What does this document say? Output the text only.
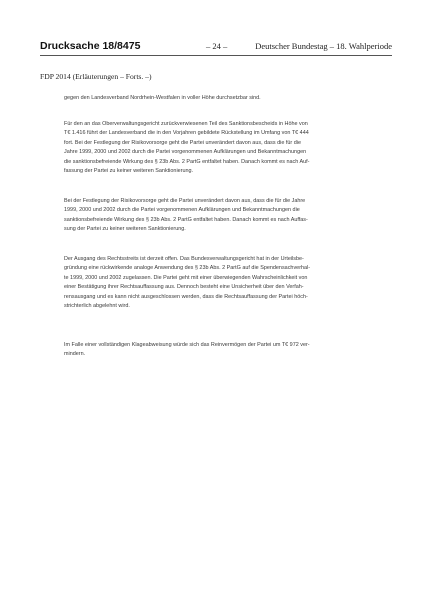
Drucksache 18/8475	– 24 –	Deutscher Bundestag – 18. Wahlperiode
FDP 2014 (Erläuterungen – Forts. –)
gegen den Landesverband Nordrhein-Westfalen in voller Höhe durchsetzbar sind.
Für den an das Oberverwaltungsgericht zurückverwiesenen Teil des Sanktionsbescheids in Höhe von
T€ 1.416 führt der Landesverband die in den Vorjahren gebildete Rückstellung im Umfang von T€ 444
fort. Bei der Festlegung der Risikovorsorge geht die Partei unverändert davon aus, dass die für die
Jahre 1999, 2000 und 2002 durch die Partei vorgenommenen Aufklärungen und Bekanntmachungen
die sanktionsbefreiende Wirkung des § 23b Abs. 2 PartG entfaltet haben. Danach kommt es nach Auf-
fassung der Partei zu keiner weiteren Sanktionierung.
Bei der Festlegung der Risikovorsorge geht die Partei unverändert davon aus, dass die für die Jahre
1999, 2000 und 2002 durch die Partei vorgenommenen Aufklärungen und Bekanntmachungen die
sanktionsbefreiende Wirkung des § 23b Abs. 2 PartG entfaltet haben. Danach kommt es nach Auffas-
sung der Partei zu keiner weiteren Sanktionierung.
Der Ausgang des Rechtsstreits ist derzeit offen. Das Bundesverwaltungsgericht hat in der Urteilsbe-
gründung eine rückwirkende analoge Anwendung des § 23b Abs. 2 PartG auf die Spendensachverhal-
te 1999, 2000 und 2002 zugelassen. Die Partei geht mit einer überwiegenden Wahrscheinlichkeit von
einer Bestätigung ihrer Rechtsauffassung aus. Dennoch besteht eine Unsicherheit über den Verfah-
rensausgang und es kann nicht ausgeschlossen werden, dass die Rechtsauffassung der Partei höch-
strichterlich abgelehnt wird.
Im Falle einer vollständigen Klageabweisung würde sich das Reinvermögen der Partei um T€ 972 ver-
mindern.
